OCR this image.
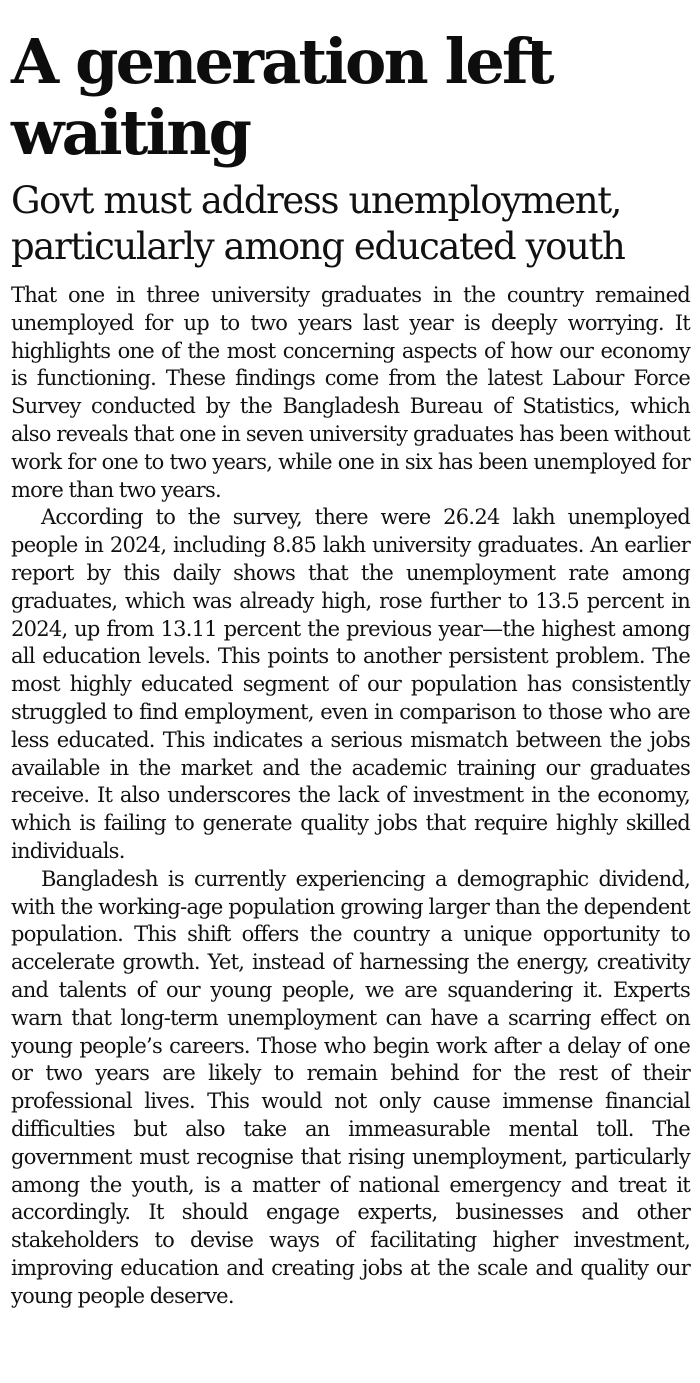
A generation left waiting
Govt must address unemployment, particularly among educated youth

That one in three university graduates in the country remained unemployed for up to two years last year is deeply worrying. It highlights one of the most concerning aspects of how our economy is functioning. These findings come from the latest Labour Force Survey conducted by the Bangladesh Bureau of Statistics, which also reveals that one in seven university graduates has been without work for one to two years, while one in six has been unemployed for more than two years.

According to the survey, there were 26.24 lakh unemployed people in 2024, including 8.85 lakh university graduates. An earlier report by this daily shows that the unemployment rate among graduates, which was already high, rose further to 13.5 percent in 2024, up from 13.11 percent the previous year—the highest among all education levels. This points to another persistent problem. The most highly educated segment of our population has consistently struggled to find employment, even in comparison to those who are less educated. This indicates a serious mismatch between the jobs available in the market and the academic training our graduates receive. It also underscores the lack of investment in the economy, which is failing to generate quality jobs that require highly skilled individuals.

Bangladesh is currently experiencing a demographic dividend, with the working-age population growing larger than the dependent population. This shift offers the country a unique opportunity to accelerate growth. Yet, instead of harnessing the energy, creativity and talents of our young people, we are squandering it. Experts warn that long-term unemployment can have a scarring effect on young people’s careers. Those who begin work after a delay of one or two years are likely to remain behind for the rest of their professional lives. This would not only cause immense financial difficulties but also take an immeasurable mental toll. The government must recognise that rising unemployment, particularly among the youth, is a matter of national emergency and treat it accordingly. It should engage experts, businesses and other stakeholders to devise ways of facilitating higher investment, improving education and creating jobs at the scale and quality our young people deserve.
